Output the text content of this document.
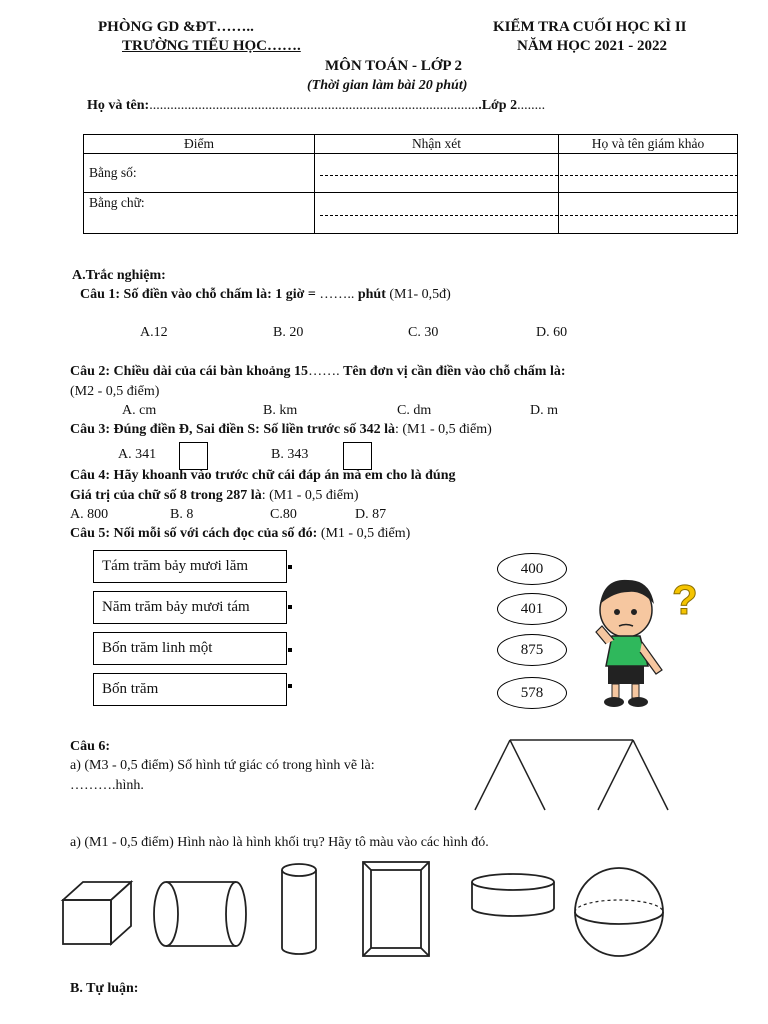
PHÒNG GD &ĐT……..
TRƯỜNG TIỂU HỌC…….
KIỂM TRA CUỐI HỌC KÌ II
NĂM HỌC 2021 - 2022
MÔN TOÁN - LỚP 2
(Thời gian làm bài 20 phút)
Họ và tên:...............................................................................................Lớp 2........
Điểm	Nhận xét	Họ và tên giám khảo
Bằng số:		
Bằng chữ:		
A.Trắc nghiệm:
Câu 1: Số điền vào chỗ chấm là: 1 giờ = …….. phút (M1- 0,5đ)
A.12	B. 20	C. 30	D. 60
Câu 2: Chiều dài của cái bàn khoảng 15……. Tên đơn vị cần điền vào chỗ chấm là:
(M2 - 0,5 điểm)
A. cm	B. km	C. dm	D. m
Câu 3: Đúng điền Đ, Sai điền S: Số liền trước số 342 là: (M1 - 0,5 điểm)
A. 341	B. 343
Câu 4: Hãy khoanh vào trước chữ cái đáp án mà em cho là đúng
Giá trị của chữ số 8 trong 287 là: (M1 - 0,5 điểm)
A. 800	B. 8	C.80	D. 87
Câu 5: Nối mỗi số với cách đọc của số đó: (M1 - 0,5 điểm)
Tám trăm bảy mươi lăm
Năm trăm bảy mươi tám
Bốn trăm linh một
Bốn trăm
400
401
875
578
?
Câu 6:
a) (M3 - 0,5 điểm) Số hình tứ giác có trong hình vẽ là:
……….hình.
a) (M1 - 0,5 điểm) Hình nào là hình khối trụ? Hãy tô màu vào các hình đó.
B. Tự luận:
